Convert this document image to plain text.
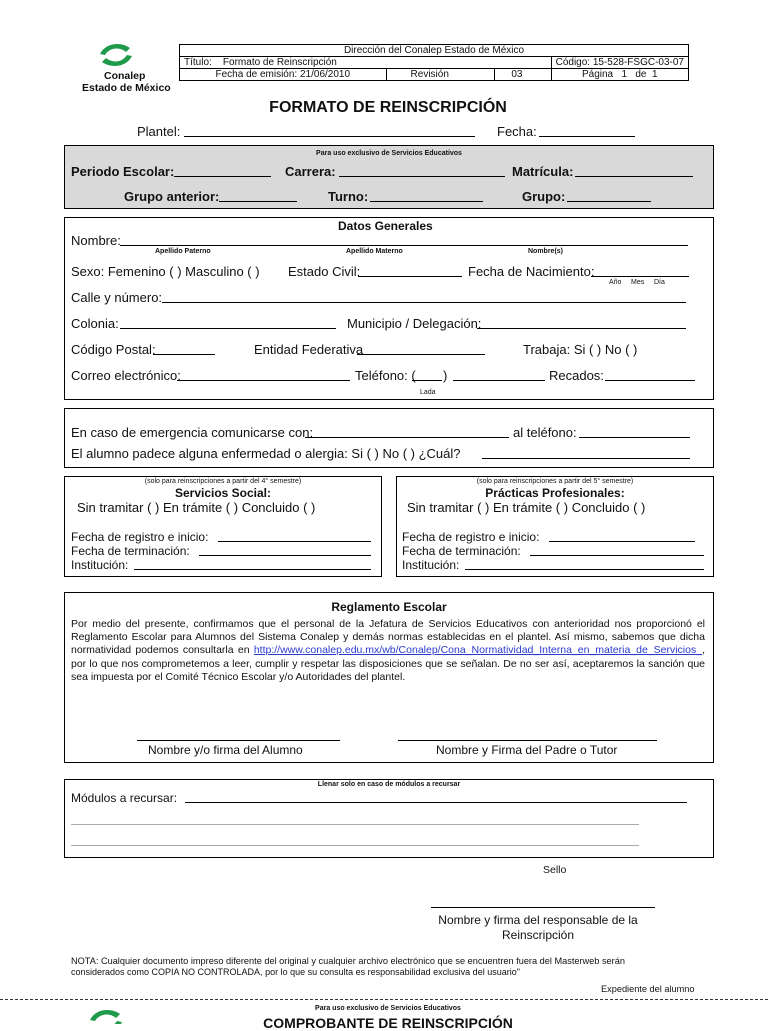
Conalep
Estado de México
Dirección del Conalep Estado de México			
Título: Formato de Reinscripción			Código: 15-528-FSGC-03-07
Fecha de emisión: 21/06/2010	Revisión	03	Página 1 de 1
FORMATO DE REINSCRIPCIÓN
Plantel:	Fecha:
Para uso exclusivo de Servicios Educativos
Periodo Escolar:	Carrera:	Matrícula:
Grupo anterior:	Turno:	Grupo:
Datos Generales
Nombre:
Apellido Paterno	Apellido Materno	Nombre(s)
Sexo: Femenino ( ) Masculino ( ) Estado Civil:	Fecha de Nacimiento:
Año Mes Día
Calle y número:
Colonia:	Municipio / Delegación:
Código Postal:	Entidad Federativa	Trabaja: Si ( ) No ( )
Correo electrónico:	Teléfono: ( )	Recados:
Lada
En caso de emergencia comunicarse con:	al teléfono:
El alumno padece alguna enfermedad o alergia: Si ( ) No ( ) ¿Cuál?
(solo para reinscripciones a partir del 4° semestre)
Servicios Social:
Sin tramitar ( ) En trámite ( ) Concluido ( )
Fecha de registro e inicio:
Fecha de terminación:
Institución:
(solo para reinscripciones a partir del 5° semestre)
Prácticas Profesionales:
Sin tramitar ( ) En trámite ( ) Concluido ( )
Fecha de registro e inicio:
Fecha de terminación:
Institución:
Reglamento Escolar
Por medio del presente, confirmamos que el personal de la Jefatura de Servicios Educativos con anterioridad nos proporcionó el Reglamento Escolar para Alumnos del Sistema Conalep y demás normas establecidas en el plantel. Así mismo, sabemos que dicha normatividad podemos consultarla en http://www.conalep.edu.mx/wb/Conalep/Cona_Normatividad_Interna_en_materia_de_Servicios_, por lo que nos comprometemos a leer, cumplir y respetar las disposiciones que se señalan. De no ser así, aceptaremos la sanción que sea impuesta por el Comité Técnico Escolar y/o Autoridades del plantel.
Nombre y/o firma del Alumno	Nombre y Firma del Padre o Tutor
Llenar solo en caso de módulos a recursar
Módulos a recursar:
Sello
Nombre y firma del responsable de la
Reinscripción
NOTA: Cualquier documento impreso diferente del original y cualquier archivo electrónico que se encuentren fuera del Masterweb serán
considerados como COPIA NO CONTROLADA, por lo que su consulta es responsabilidad exclusiva del usuario"
Expediente del alumno
Para uso exclusivo de Servicios Educativos
COMPROBANTE DE REINSCRIPCIÓN
